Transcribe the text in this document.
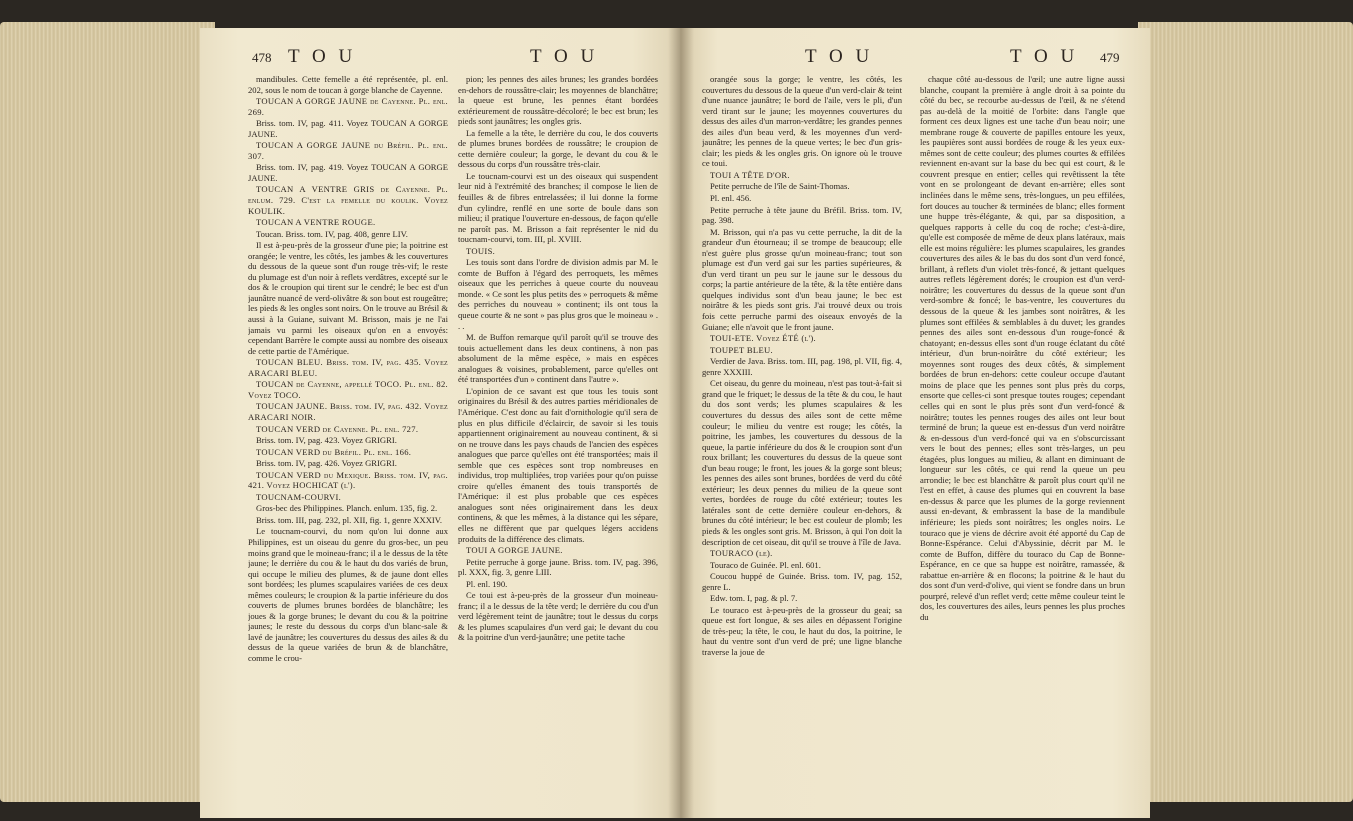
478 T O U	T O U

mandibules. Cette femelle a été représentée, pl. enl. 202, sous le nom de toucan à gorge blanche de Cayenne.

TOUCAN A GORGE JAUNE de Cayenne. Pl. enl. 269.

Briss. tom. IV, pag. 411. Voyez TOUCAN A GORGE JAUNE.

TOUCAN A GORGE JAUNE du Bréfil. Pl. enl. 307.

Briss. tom. IV, pag. 419. Voyez TOUCAN A GORGE JAUNE.

TOUCAN A VENTRE GRIS de Cayenne. Pl. enlum. 729. C'est la femelle du koulik. Voyez KOULIK.

TOUCAN A VENTRE ROUGE.

Toucan. Briss. tom. IV, pag. 408, genre LIV.

Il est à-peu-près de la grosseur d'une pie; la poitrine est orangée; le ventre, les côtés, les jambes & les couvertures du dessous de la queue sont d'un rouge très-vif; le reste du plumage est d'un noir à reflets verdâtres, excepté sur le dos & le croupion qui tirent sur le cendré; le bec est d'un jaunâtre nuancé de verd-olivâtre & son bout est rougeâtre; les pieds & les ongles sont noirs. On le trouve au Brésil & aussi à la Guiane, suivant M. Brisson, mais je ne l'ai jamais vu parmi les oiseaux qu'on en a envoyés: cependant Barrère le compte aussi au nombre des oiseaux de cette partie de l'Amérique.

TOUCAN BLEU. Briss. tom. IV, pag. 435. Voyez ARACARI BLEU.

TOUCAN de Cayenne, appellé TOCO. Pl. enl. 82. Voyez TOCO.

TOUCAN JAUNE. Briss. tom. IV, pag. 432. Voyez ARACARI NOIR.

TOUCAN VERD de Cayenne. Pl. enl. 727.

Briss. tom. IV, pag. 423. Voyez GRIGRI.

TOUCAN VERD du Bréfil. Pl. enl. 166.

Briss. tom. IV, pag. 426. Voyez GRIGRI.

TOUCAN VERD du Mexique. Briss. tom. IV, pag. 421. Voyez HOCHICAT (l').

TOUCNAM-COURVI.

Gros-bec des Philippines. Planch. enlum. 135, fig. 2.

Briss. tom. III, pag. 232, pl. XII, fig. 1, genre XXXIV.

Le toucnam-courvi, du nom qu'on lui donne aux Philippines, est un oiseau du genre du gros-bec, un peu moins grand que le moineau-franc; il a le dessus de la tête jaune; le derrière du cou & le haut du dos variés de brun, qui occupe le milieu des plumes, & de jaune dont elles sont bordées; les plumes scapulaires variées de ces deux mêmes couleurs; le croupion & la partie inférieure du dos couverts de plumes brunes bordées de blanchâtre; les joues & la gorge brunes; le devant du cou & la poitrine jaunes; le reste du dessous du corps d'un blanc-sale & lavé de jaunâtre; les couvertures du dessus des ailes & du dessus de la queue variées de brun & de blanchâtre, comme le crou-

pion; les pennes des ailes brunes; les grandes bordées en-dehors de roussâtre-clair; les moyennes de blanchâtre; la queue est brune, les pennes étant bordées extérieurement de roussâtre-décoloré; le bec est brun; les pieds sont jaunâtres; les ongles gris.

La femelle a la tête, le derrière du cou, le dos couverts de plumes brunes bordées de roussâtre; le croupion de cette dernière couleur; la gorge, le devant du cou & le dessous du corps d'un roussâtre très-clair.

Le toucnam-courvi est un des oiseaux qui suspendent leur nid à l'extrémité des branches; il compose le lien de feuilles & de fibres entrelassées; il lui donne la forme d'un cylindre, renflé en une sorte de boule dans son milieu; il pratique l'ouverture en-dessous, de façon qu'elle ne paroît pas. M. Brisson a fait représenter le nid du toucnam-courvi, tom. III, pl. XVIII.

TOUIS.

Les touis sont dans l'ordre de division admis par M. le comte de Buffon à l'égard des perroquets, les mêmes oiseaux que les perriches à queue courte du nouveau monde. « Ce sont les plus petits des » perroquets & même des perriches du nouveau » continent; ils ont tous la queue courte & ne sont » pas plus gros que le moineau » . . .

M. de Buffon remarque qu'il paroît qu'il se trouve des touis actuellement dans les deux continens, à non pas absolument de la même espèce, » mais en espèces analogues & voisines, probablement, parce qu'elles ont été transportées d'un » continent dans l'autre ».

L'opinion de ce savant est que tous les touis sont originaires du Brésil & des autres parties méridionales de l'Amérique. C'est donc au fait d'ornithologie qu'il sera de plus en plus difficile d'éclaircir, de savoir si les touis appartiennent originairement au nouveau continent, & si on ne trouve dans les pays chauds de l'ancien des espèces analogues que parce qu'elles ont été transportées; mais il semble que ces espèces sont trop nombreuses en individus, trop multipliées, trop variées pour qu'on puisse croire qu'elles émanent des touis transportés de l'Amérique: il est plus probable que ces espèces analogues sont nées originairement dans les deux continens, & que les mêmes, à la distance qui les sépare, elles ne diffèrent que par quelques légers accidens produits de la différence des climats.

TOUI A GORGE JAUNE.

Petite perruche à gorge jaune. Briss. tom. IV, pag. 396, pl. XXX, fig. 3, genre LIII.

Pl. enl. 190.

Ce toui est à-peu-près de la grosseur d'un moineau-franc; il a le dessus de la tête verd; le derrière du cou d'un verd légèrement teint de jaunâtre; tout le dessus du corps & les plumes scapulaires d'un verd gai; le devant du cou & la poitrine d'un verd-jaunâtre; une petite tache

T O U	T O U 479

orangée sous la gorge; le ventre, les côtés, les couvertures du dessous de la queue d'un verd-clair & teint d'une nuance jaunâtre; le bord de l'aile, vers le pli, d'un verd tirant sur le jaune; les moyennes couvertures du dessus des ailes d'un marron-verdâtre; les grandes pennes des ailes d'un beau verd, & les moyennes d'un verd-jaunâtre; les pennes de la queue vertes; le bec d'un gris-clair; les pieds & les ongles gris. On ignore où le trouve ce toui.

TOUI A TÊTE D'OR.

Petite perruche de l'île de Saint-Thomas.

Pl. enl. 456.

Petite perruche à tête jaune du Bréfil. Briss. tom. IV, pag. 398.

M. Brisson, qui n'a pas vu cette perruche, la dit de la grandeur d'un étourneau; il se trompe de beaucoup; elle n'est guère plus grosse qu'un moineau-franc; tout son plumage est d'un verd gai sur les parties supérieures, & d'un verd tirant un peu sur le jaune sur le dessous du corps; la partie antérieure de la tête, & la tête entière dans quelques individus sont d'un beau jaune; le bec est noirâtre & les pieds sont gris. J'ai trouvé deux ou trois fois cette perruche parmi des oiseaux envoyés de la Guiane; elle n'avoit que le front jaune.

TOUI-ETE. Voyez ÉTÉ (l').

TOUPET BLEU.

Verdier de Java. Briss. tom. III, pag. 198, pl. VII, fig. 4, genre XXXIII.

Cet oiseau, du genre du moineau, n'est pas tout-à-fait si grand que le friquet; le dessus de la tête & du cou, le haut du dos sont verds; les plumes scapulaires & les couvertures du dessus des ailes sont de cette même couleur; le milieu du ventre est rouge; les côtés, la poitrine, les jambes, les couvertures du dessous de la queue, la partie inférieure du dos & le croupion sont d'un roux brillant; les couvertures du dessus de la queue sont d'un beau rouge; le front, les joues & la gorge sont bleus; les pennes des ailes sont brunes, bordées de verd du côté extérieur; les deux pennes du milieu de la queue sont vertes, bordées de rouge du côté extérieur; toutes les latérales sont de cette dernière couleur en-dehors, & brunes du côté intérieur; le bec est couleur de plomb; les pieds & les ongles sont gris. M. Brisson, à qui l'on doit la description de cet oiseau, dit qu'il se trouve à l'île de Java.

TOURACO (le).

Touraco de Guinée. Pl. enl. 601.

Coucou huppé de Guinée. Briss. tom. IV, pag. 152, genre L.

Edw. tom. I, pag. & pl. 7.

Le touraco est à-peu-près de la grosseur du geai; sa queue est fort longue, & ses ailes en dépassent l'origine de très-peu; la tête, le cou, le haut du dos, la poitrine, le haut du ventre sont d'un verd de pré; une ligne blanche traverse la joue de

chaque côté au-dessous de l'œil; une autre ligne aussi blanche, coupant la première à angle droit à sa pointe du côté du bec, se recourbe au-dessus de l'œil, & ne s'étend pas au-delà de la moitié de l'orbite: dans l'angle que forment ces deux lignes est une tache d'un beau noir; une membrane rouge & couverte de papilles entoure les yeux, les paupières sont aussi bordées de rouge & les yeux eux-mêmes sont de cette couleur; des plumes courtes & effilées reviennent en-avant sur la base du bec qui est court, & le couvrent presque en entier; celles qui revêtissent la tête vont en se prolongeant de devant en-arrière; elles sont inclinées dans le même sens, très-longues, un peu effilées, fort douces au toucher & terminées de blanc; elles forment une huppe très-élégante, & qui, par sa disposition, a quelques rapports à celle du coq de roche; c'est-à-dire, qu'elle est composée de même de deux plans latéraux, mais elle est moins régulière: les plumes scapulaires, les grandes couvertures des ailes & le bas du dos sont d'un verd foncé, brillant, à reflets d'un violet très-foncé, & jettant quelques autres reflets légèrement dorés; le croupion est d'un verd-noirâtre; les couvertures du dessus de la queue sont d'un verd-sombre & foncé; le bas-ventre, les couvertures du dessous de la queue & les jambes sont noirâtres, & les plumes sont effilées & semblables à du duvet; les grandes pennes des ailes sont en-dessous d'un rouge-foncé & chatoyant; en-dessus elles sont d'un rouge éclatant du côté intérieur, d'un brun-noirâtre du côté extérieur; les moyennes sont rouges des deux côtés, & simplement bordées de brun en-dehors: cette couleur occupe d'autant moins de place que les pennes sont plus près du corps, ensorte que celles-ci sont presque toutes rouges; cependant celles qui en sont le plus près sont d'un verd-foncé & noirâtre; toutes les pennes rouges des ailes ont leur bout terminé de brun; la queue est en-dessus d'un verd noirâtre & en-dessous d'un verd-foncé qui va en s'obscurcissant vers le bout des pennes; elles sont très-larges, un peu étagées, plus longues au milieu, & allant en diminuant de longueur sur les côtés, ce qui rend la queue un peu arrondie; le bec est blanchâtre & paroît plus court qu'il ne l'est en effet, à cause des plumes qui en couvrent la base en-dessus & parce que les plumes de la gorge reviennent aussi en-devant, & embrassent la base de la mandibule inférieure; les pieds sont noirâtres; les ongles noirs. Le touraco que je viens de décrire avoit été apporté du Cap de Bonne-Espérance. Celui d'Abyssinie, décrit par M. le comte de Buffon, diffère du touraco du Cap de Bonne-Espérance, en ce que sa huppe est noirâtre, ramassée, & rabattue en-arrière & en flocons; la poitrine & le haut du dos sont d'un verd-d'olive, qui vient se fondre dans un brun pourpré, relevé d'un reflet verd; cette même couleur teint le dos, les couvertures des ailes, leurs pennes les plus proches du
